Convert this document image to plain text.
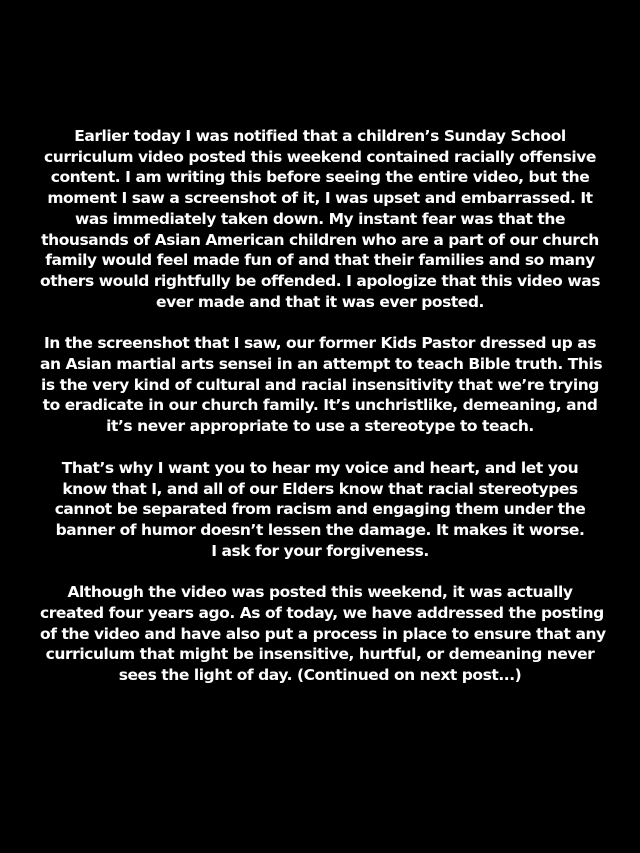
Earlier today I was notified that a children’s Sunday School
curriculum video posted this weekend contained racially offensive
content. I am writing this before seeing the entire video, but the
moment I saw a screenshot of it, I was upset and embarrassed. It
was immediately taken down. My instant fear was that the
thousands of Asian American children who are a part of our church
family would feel made fun of and that their families and so many
others would rightfully be offended. I apologize that this video was
ever made and that it was ever posted.
In the screenshot that I saw, our former Kids Pastor dressed up as
an Asian martial arts sensei in an attempt to teach Bible truth. This
is the very kind of cultural and racial insensitivity that we’re trying
to eradicate in our church family. It’s unchristlike, demeaning, and
it’s never appropriate to use a stereotype to teach.
That’s why I want you to hear my voice and heart, and let you
know that I, and all of our Elders know that racial stereotypes
cannot be separated from racism and engaging them under the
banner of humor doesn’t lessen the damage. It makes it worse.
I ask for your forgiveness.
Although the video was posted this weekend, it was actually
created four years ago. As of today, we have addressed the posting
of the video and have also put a process in place to ensure that any
curriculum that might be insensitive, hurtful, or demeaning never
sees the light of day. (Continued on next post...)
